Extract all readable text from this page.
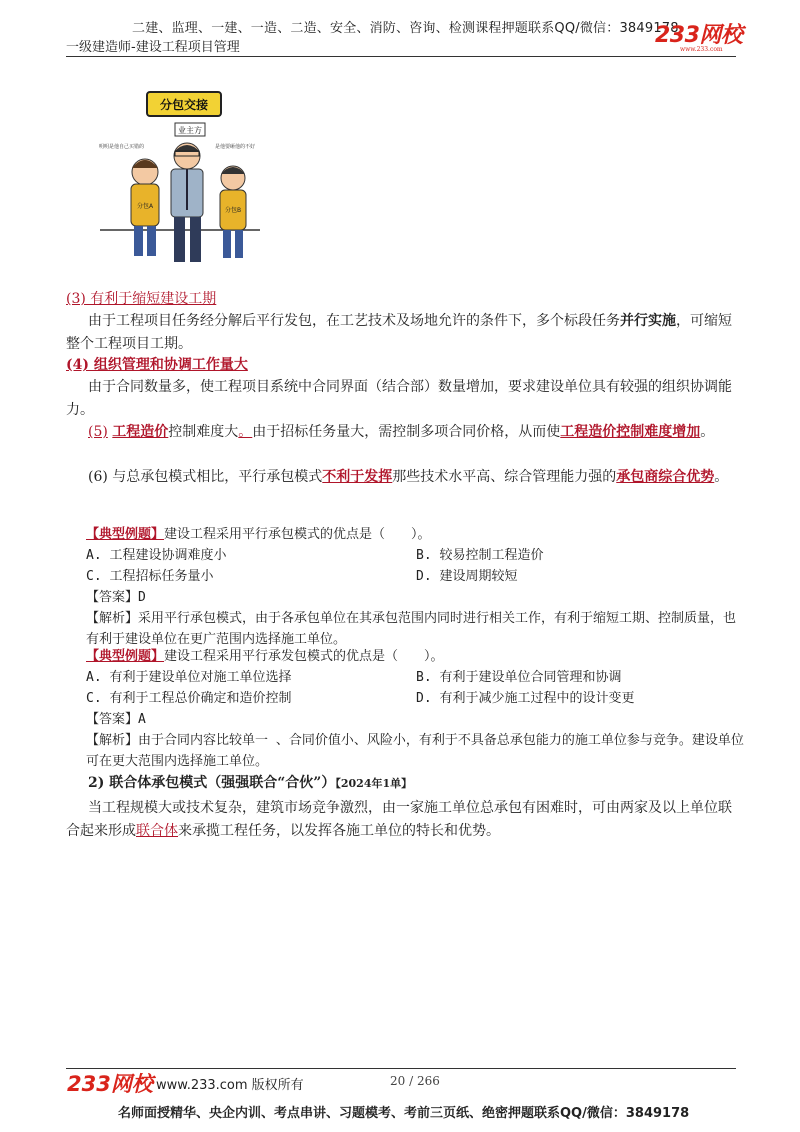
二建、监理、一建、一造、二造、安全、消防、咨询、检测课程押题联系QQ/微信：3849178
一级建造师-建设工程项目管理	233网校
www.233.com
分包交接
业主方
明明是他自己买错的	是他要砸他的不好
分包A
分包B
(3) 有利于缩短建设工期
由于工程项目任务经分解后平行发包，在工艺技术及场地允许的条件下，多个标段任务并行实施，可缩短整个工程项目工期。
(4) 组织管理和协调工作量大
由于合同数量多，使工程项目系统中合同界面（结合部）数量增加，要求建设单位具有较强的组织协调能力。
(5) 工程造价控制难度大。由于招标任务量大，需控制多项合同价格，从而使工程造价控制难度增加。
(6) 与总承包模式相比，平行承包模式不利于发挥那些技术水平高、综合管理能力强的承包商综合优势。
【典型例题】建设工程采用平行承包模式的优点是（　　）。
A. 工程建设协调难度小	B. 较易控制工程造价
C. 工程招标任务量小	D. 建设周期较短
【答案】D
【解析】采用平行承包模式，由于各承包单位在其承包范围内同时进行相关工作，有利于缩短工期、控制质量，也有利于建设单位在更广范围内选择施工单位。
【典型例题】建设工程采用平行承发包模式的优点是（　　）。
A. 有利于建设单位对施工单位选择	B. 有利于建设单位合同管理和协调
C. 有利于工程总价确定和造价控制	D. 有利于减少施工过程中的设计变更
【答案】A
【解析】由于合同内容比较单一 、合同价值小、风险小，有利于不具备总承包能力的施工单位参与竞争。建设单位可在更大范围内选择施工单位。
2) 联合体承包模式（强强联合“合伙”）【2024年1单】
当工程规模大或技术复杂，建筑市场竞争激烈，由一家施工单位总承包有困难时，可由两家及以上单位联合起来形成联合体来承揽工程任务，以发挥各施工单位的特长和优势。
233网校 www.233.com 版权所有	20 / 266
名师面授精华、央企内训、考点串讲、习题模考、考前三页纸、绝密押题联系QQ/微信：3849178
